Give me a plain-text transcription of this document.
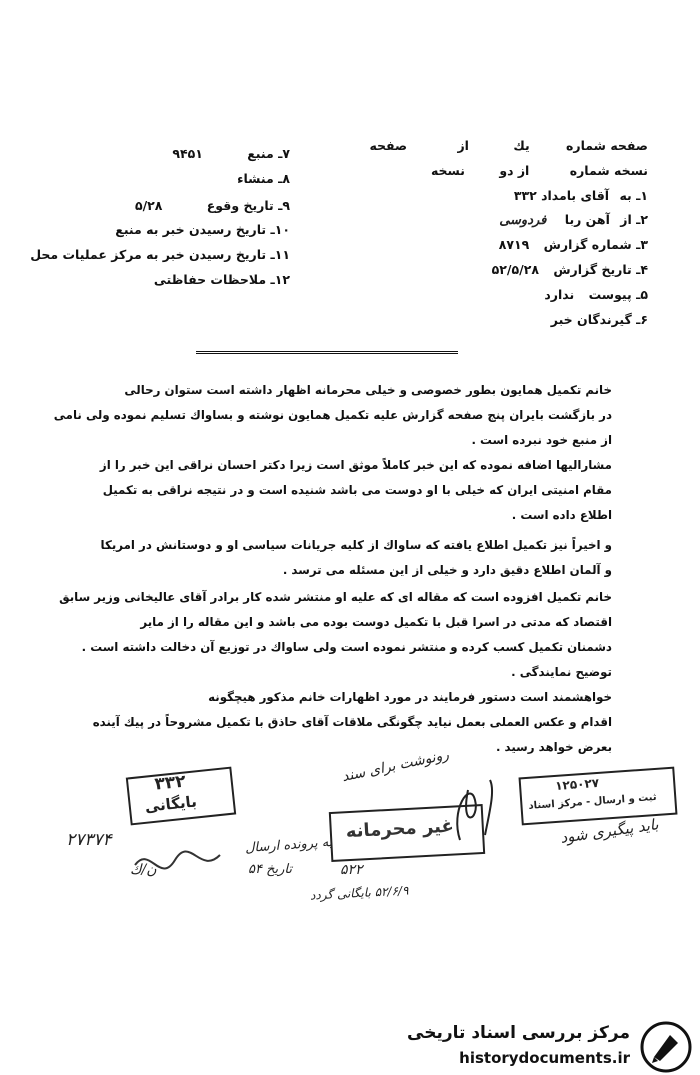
صفحه شماره یك از صفحه
نسخه شماره از دو نسخه
۱ـ به آقای بامداد ۳۳۲
۲ـ از آهن ربا فردوسی
۳ـ شماره گزارش ۸۷۱۹
۴ـ تاریخ گزارش ۵۲/۵/۲۸
۵ـ پیوست ندارد
۶ـ گیرندگان خبر
۷ـ منبع ۹۴۵۱
۸ـ منشاء
۹ـ تاریخ وقوع ۵/۲۸
۱۰ـ تاریخ رسیدن خبر به منبع
۱۱ـ تاریخ رسیدن خبر به مرکز عملیات محل
۱۲ـ ملاحظات حفاظتی
خانم تكمیل همایون بطور خصوصی و خیلی محرمانه اظهار داشته است ستوان رحالی
در بازگشت بایران پنج صفحه گزارش علیه تكمیل همایون نوشته و بساواك تسلیم نموده ولی نامی
از منبع خود نبرده است .
مشارالیها اضافه نموده كه این خبر كاملاً موثق است زیرا دكتر احسان نراقی این خبر را از
مقام امنیتی ایران كه خیلی با او دوست می باشد شنیده است و در نتیجه نراقی به تكمیل
اطلاع داده است .
و اخیراً نیز تكمیل اطلاع یافته كه ساواك از كلیه جریانات سیاسی او و دوستانش در امریكا
و آلمان اطلاع دقیق دارد و خیلی از این مسئله می ترسد .
خانم تكمیل افزوده است كه مقاله ای كه علیه او منتشر شده كار برادر آقای عالیخانی وزیر سابق
اقتصاد كه مدتی در اسرا قبل با تكمیل دوست بوده می باشد و این مقاله را از مایر
دشمنان تكمیل كسب كرده و منتشر نموده است ولی ساواك در توزیع آن دخالت داشته است .
توضیح نمایندگی .
خواهشمند است دستور فرمایند در مورد اظهارات خانم مذكور هیچگونه
اقدام و عكس العملی بعمل نیاید چگونگی ملاقات آقای حاذق با تكمیل مشروحاً در پیك آینده
بعرض خواهد رسید .
رونوشت برای سند
باید پیگیری شود
۲۷۳۷۴
ن/ك
به پرونده ارسال
تاریخ ۵۴
۵۲/۶/۹ بایگانی گردد
۳۳۲
بایگانی
غیر محرمانه
۵۲۲
۱۲۵۰۲۷
ثبت و ارسال - مرکز اسناد
مرکز بررسی اسناد تاریخی
historydocuments.ir
